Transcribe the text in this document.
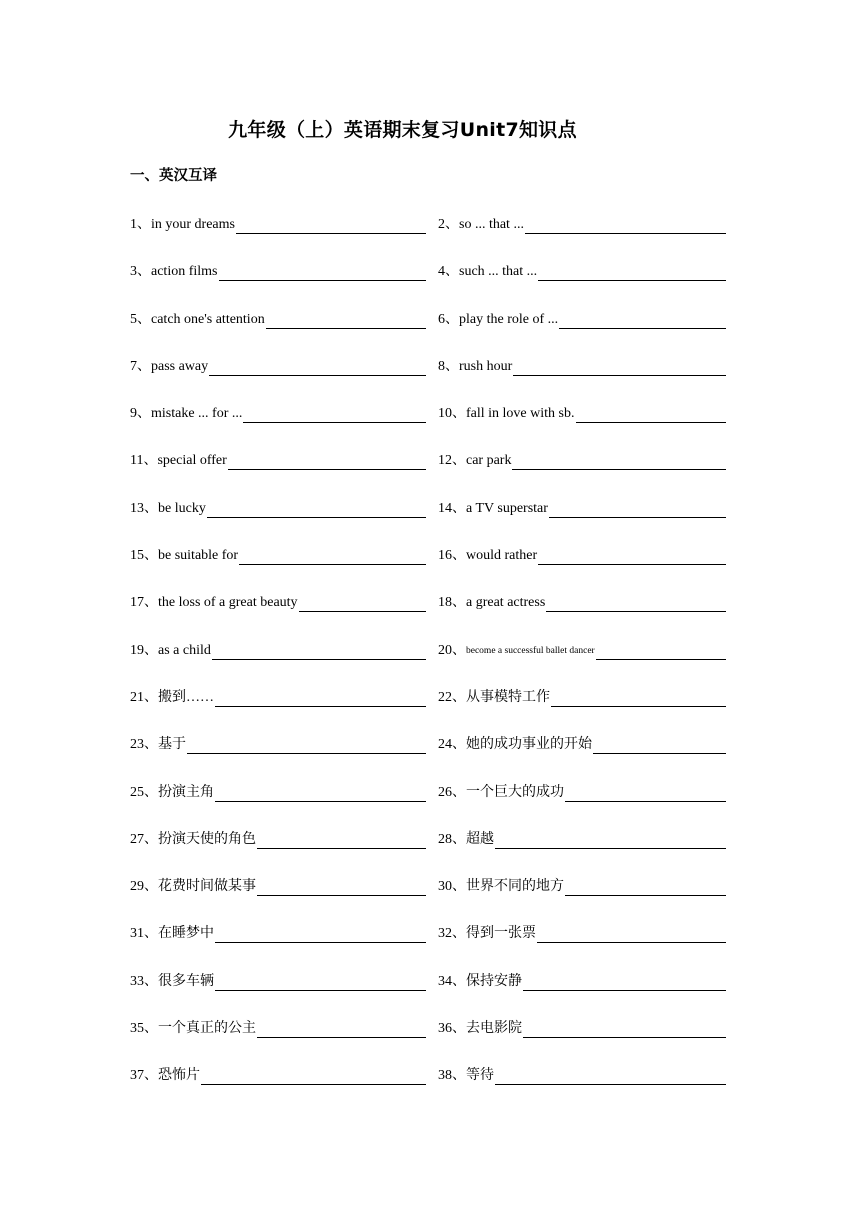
九年级（上）英语期末复习Unit7知识点
一、英汉互译
1、in your dreams	2、so ... that ...
3、action films	4、such ... that ...
5、catch one's attention	6、play the role of ...
7、pass away	8、rush hour
9、mistake ... for ...	10、fall in love with sb.
11、special offer	12、car park
13、be lucky	14、a TV superstar
15、be suitable for	16、would rather
17、the loss of a great beauty	18、a great actress
19、as a child	20、 become a successful ballet dancer
21、搬到……	22、从事模特工作
23、基于	24、她的成功事业的开始
25、扮演主角	26、一个巨大的成功
27、扮演天使的角色	28、超越
29、花费时间做某事	30、世界不同的地方
31、在睡梦中	32、得到一张票
33、很多车辆	34、保持安静
35、一个真正的公主	36、去电影院
37、恐怖片	38、等待
